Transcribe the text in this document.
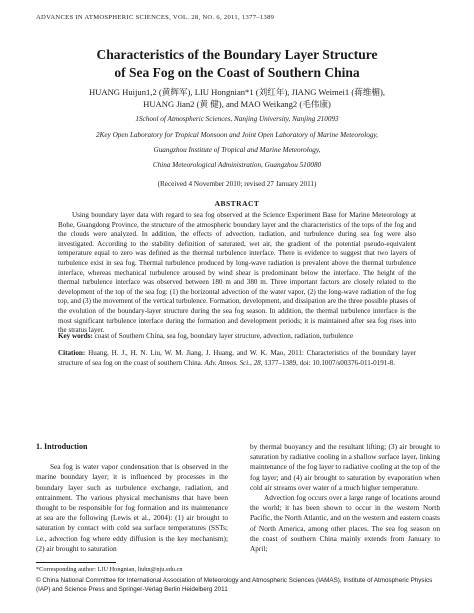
ADVANCES IN ATMOSPHERIC SCIENCES, VOL. 28, NO. 6, 2011, 1377–1389
Characteristics of the Boundary Layer Structure
of Sea Fog on the Coast of Southern China
HUANG Huijun1,2 (黄辉军), LIU Hongnian*1 (刘红年), JIANG Weimei1 (蒋维楣),
HUANG Jian2 (黄 健), and MAO Weikang2 (毛伟康)
1School of Atmospheric Sciences, Nanjing University, Nanjing 210093
2Key Open Laboratory for Tropical Monsoon and Joint Open Laboratory of Marine Meteorology,
Guangzhou Institute of Tropical and Marine Meteorology,
China Meteorological Administration, Guangzhou 510080
(Received 4 November 2010; revised 27 January 2011)
ABSTRACT
Using boundary layer data with regard to sea fog observed at the Science Experiment Base for Marine Meteorology at Bohe, Guangdong Province, the structure of the atmospheric boundary layer and the characteristics of the tops of the fog and the clouds were analyzed. In addition, the effects of advection, radiation, and turbulence during sea fog were also investigated. According to the stability definition of saturated, wet air, the gradient of the potential pseudo-equivalent temperature equal to zero was defined as the thermal turbulence interface. There is evidence to suggest that two layers of turbulence exist in sea fog. Thermal turbulence produced by long-wave radiation is prevalent above the thermal turbulence interface, whereas mechanical turbulence aroused by wind shear is predominant below the interface. The height of the thermal turbulence interface was observed between 180 m and 380 m. Three important factors are closely related to the development of the top of the sea fog: (1) the horizontal advection of the water vapor, (2) the long-wave radiation of the fog top, and (3) the movement of the vertical turbulence. Formation, development, and dissipation are the three possible phases of the evolution of the boundary-layer structure during the sea fog season. In addition, the thermal turbulence interface is the most significant turbulence interface during the formation and development periods; it is maintained after sea fog rises into the stratus layer.
Key words: coast of Southern China, sea fog, boundary layer structure, advection, radiation, turbulence
Citation: Huang, H. J., H. N. Liu, W. M. Jiang, J. Huang, and W. K. Mao, 2011: Characteristics of the boundary layer structure of sea fog on the coast of southern China. Adv. Atmos. Sci., 28, 1377–1389, doi: 10.1007/s00376-011-0191-8.
1. Introduction

Sea fog is water vapor condensation that is observed in the marine boundary layer; it is influenced by processes in the boundary layer such as turbulence exchange, radiation, and entrainment. The various physical mechanisms that have been thought to be responsible for fog formation and its maintenance at sea are the following (Lewis et al., 2004): (1) air brought to saturation by contact with cold sea surface temperatures (SSTs; i.e., advection fog where eddy diffusion is the key mechanism); (2) air brought to saturation

by thermal buoyancy and the resultant lifting; (3) air brought to saturation by radiative cooling in a shallow surface layer, linking maintenance of the fog layer to radiative cooling at the top of the fog layer; and (4) air brought to saturation by evaporation when cold air streams over water of a much higher temperature.

Advection fog occurs over a large range of locations around the world; it has been shown to occur in the western North Pacific, the North Atlantic, and on the western and eastern coasts of North America, among other places. The sea fog season on the coast of southern China mainly extends from January to April;

*Corresponding author: LIU Hongnian, liuhn@nju.edu.cn
© China National Committee for International Association of Meteorology and Atmospheric Sciences (IAMAS), Institute of Atmospheric Physics (IAP) and Science Press and Springer-Verlag Berlin Heidelberg 2011
